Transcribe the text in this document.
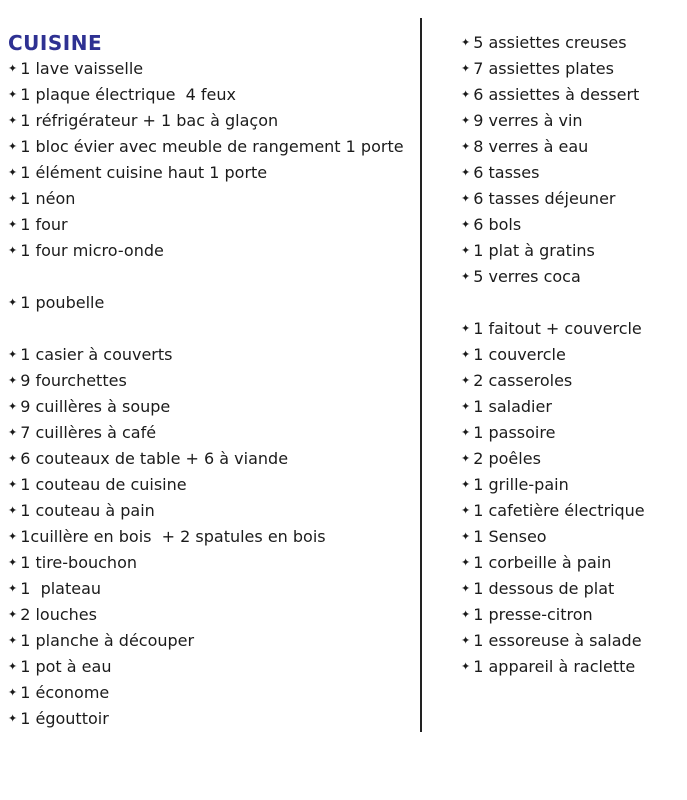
CUISINE
✦ 1 lave vaisselle
✦ 1 plaque électrique  4 feux
✦ 1 réfrigérateur + 1 bac à glaçon
✦ 1 bloc évier avec meuble de rangement 1 porte
✦ 1 élément cuisine haut 1 porte
✦ 1 néon
✦ 1 four
✦ 1 four micro-onde
✦ 1 poubelle
✦ 1 casier à couverts
✦ 9 fourchettes
✦ 9 cuillères à soupe
✦ 7 cuillères à café
✦ 6 couteaux de table + 6 à viande
✦ 1 couteau de cuisine
✦ 1 couteau à pain
✦ 1cuillère en bois  + 2 spatules en bois
✦ 1 tire-bouchon
✦ 1  plateau
✦ 2 louches
✦ 1 planche à découper
✦ 1 pot à eau
✦ 1 économe
✦ 1 égouttoir
✦ 5 assiettes creuses
✦ 7 assiettes plates
✦ 6 assiettes à dessert
✦ 9 verres à vin
✦ 8 verres à eau
✦ 6 tasses
✦ 6 tasses déjeuner
✦ 6 bols
✦ 1 plat à gratins
✦ 5 verres coca
✦ 1 faitout + couvercle
✦ 1 couvercle
✦ 2 casseroles
✦ 1 saladier
✦ 1 passoire
✦ 2 poêles
✦ 1 grille-pain
✦ 1 cafetière électrique
✦ 1 Senseo
✦ 1 corbeille à pain
✦ 1 dessous de plat
✦ 1 presse-citron
✦ 1 essoreuse à salade
✦ 1 appareil à raclette
